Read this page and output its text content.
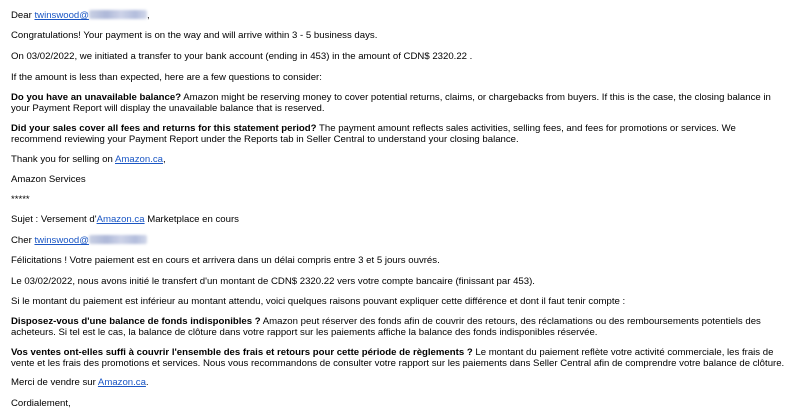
Dear twinswood@	,
Congratulations! Your payment is on the way and will arrive within 3 - 5 business days.
On 03/02/2022, we initiated a transfer to your bank account (ending in 453) in the amount of CDN$ 2320.22 .
If the amount is less than expected, here are a few questions to consider:
Do you have an unavailable balance? Amazon might be reserving money to cover potential returns, claims, or chargebacks from buyers. If this is the case, the closing balance in your Payment Report will display the unavailable balance that is reserved.
Did your sales cover all fees and returns for this statement period? The payment amount reflects sales activities, selling fees, and fees for promotions or services. We recommend reviewing your Payment Report under the Reports tab in Seller Central to understand your closing balance.
Thank you for selling on Amazon.ca,
Amazon Services
*****
Sujet : Versement d'Amazon.ca Marketplace en cours
Cher twinswood@
Félicitations ! Votre paiement est en cours et arrivera dans un délai compris entre 3 et 5 jours ouvrés.
Le 03/02/2022, nous avons initié le transfert d'un montant de CDN$ 2320.22 vers votre compte bancaire (finissant par 453).
Si le montant du paiement est inférieur au montant attendu, voici quelques raisons pouvant expliquer cette différence et dont il faut tenir compte :
Disposez-vous d'une balance de fonds indisponibles ? Amazon peut réserver des fonds afin de couvrir des retours, des réclamations ou des remboursements potentiels des acheteurs. Si tel est le cas, la balance de clôture dans votre rapport sur les paiements affiche la balance des fonds indisponibles réservée.
Vos ventes ont-elles suffi à couvrir l'ensemble des frais et retours pour cette période de règlements ? Le montant du paiement reflète votre activité commerciale, les frais de vente et les frais des promotions et services. Nous vous recommandons de consulter votre rapport sur les paiements dans Seller Central afin de comprendre votre balance de clôture.
Merci de vendre sur Amazon.ca.
Cordialement,
